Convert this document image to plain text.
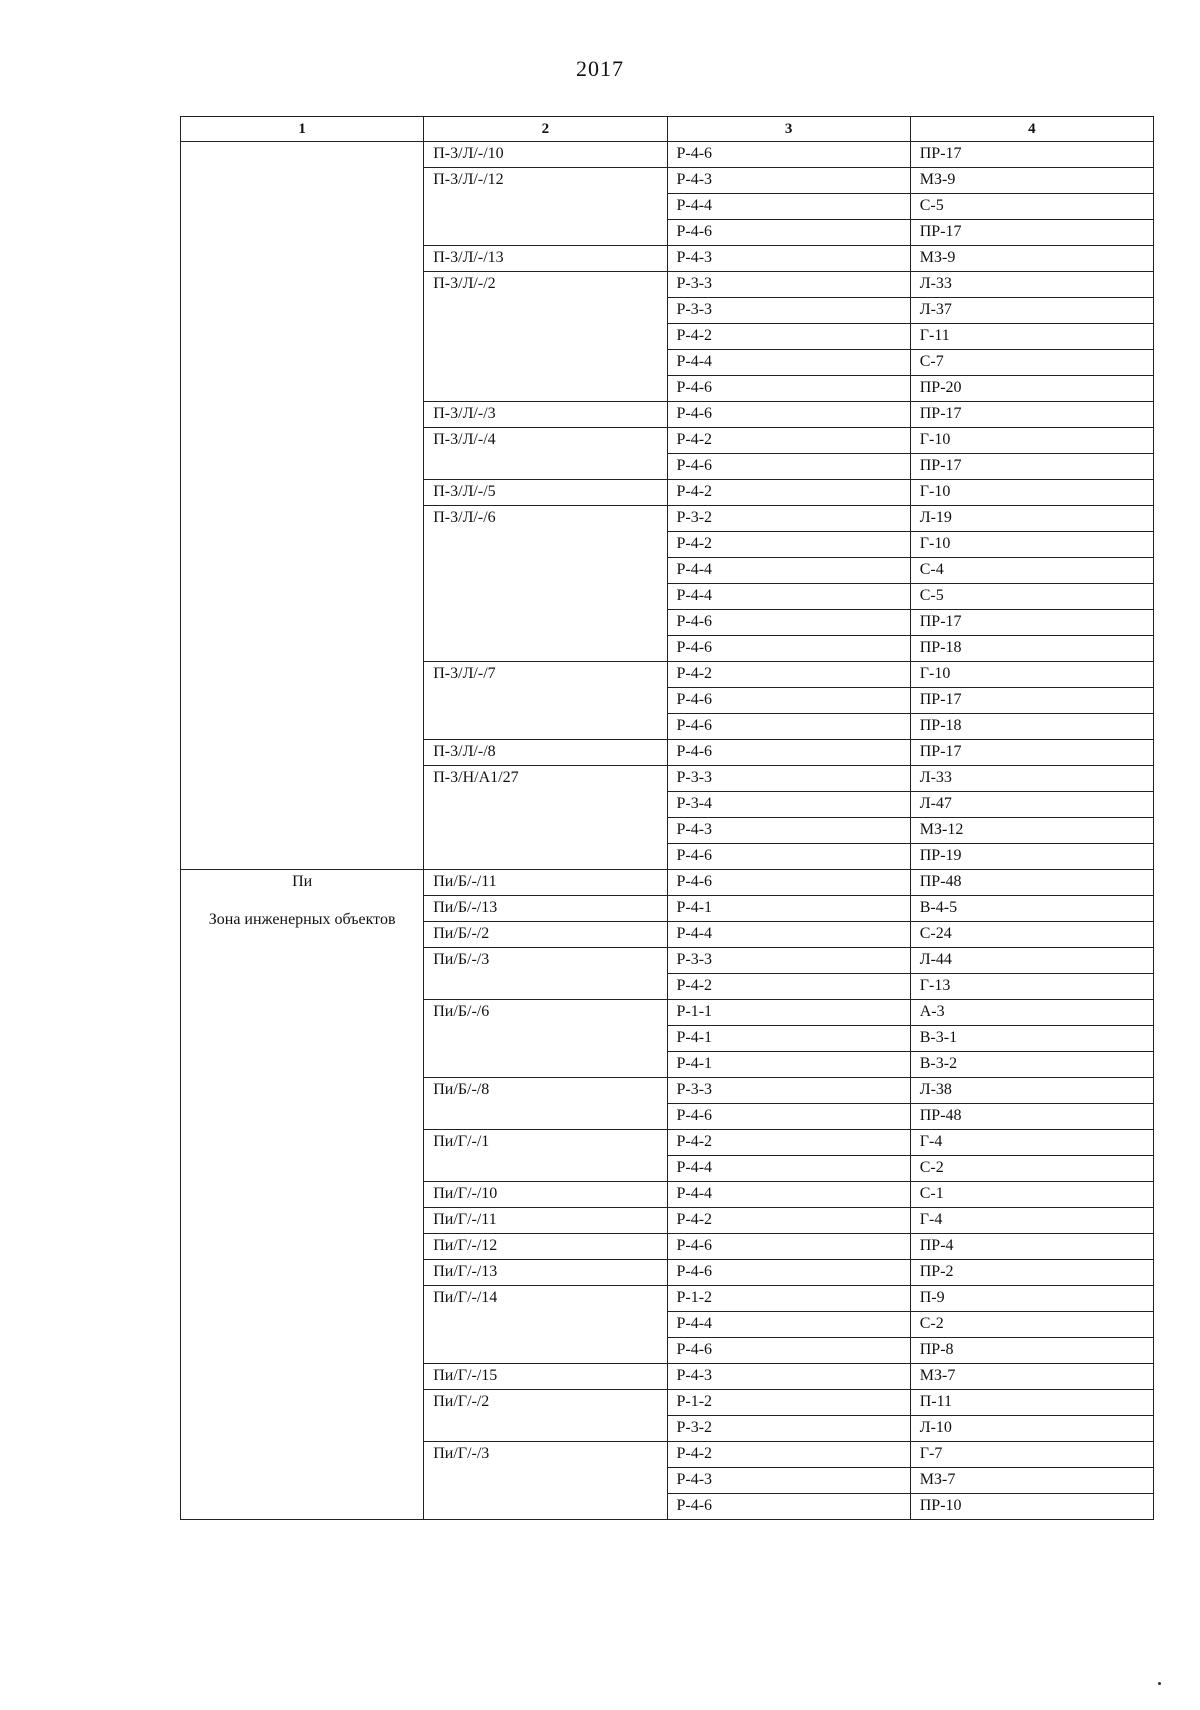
2017
1	2	3	4
	П-3/Л/-/10	Р-4-6	ПР-17
	П-3/Л/-/12	Р-4-3	МЗ-9
		Р-4-4	С-5
		Р-4-6	ПР-17
	П-3/Л/-/13	Р-4-3	МЗ-9
	П-3/Л/-/2	Р-3-3	Л-33
		Р-3-3	Л-37
		Р-4-2	Г-11
		Р-4-4	С-7
		Р-4-6	ПР-20
	П-3/Л/-/3	Р-4-6	ПР-17
	П-3/Л/-/4	Р-4-2	Г-10
		Р-4-6	ПР-17
	П-3/Л/-/5	Р-4-2	Г-10
	П-3/Л/-/6	Р-3-2	Л-19
		Р-4-2	Г-10
		Р-4-4	С-4
		Р-4-4	С-5
		Р-4-6	ПР-17
		Р-4-6	ПР-18
	П-3/Л/-/7	Р-4-2	Г-10
		Р-4-6	ПР-17
		Р-4-6	ПР-18
	П-3/Л/-/8	Р-4-6	ПР-17
	П-3/Н/А1/27	Р-3-3	Л-33
		Р-3-4	Л-47
		Р-4-3	МЗ-12
		Р-4-6	ПР-19

Пи
Зона инженерных объектов	Пи/Б/-/11	Р-4-6	ПР-48
	Пи/Б/-/13	Р-4-1	В-4-5
	Пи/Б/-/2	Р-4-4	С-24
	Пи/Б/-/3	Р-3-3	Л-44
		Р-4-2	Г-13
	Пи/Б/-/6	Р-1-1	А-3
		Р-4-1	В-3-1
		Р-4-1	В-3-2
	Пи/Б/-/8	Р-3-3	Л-38
		Р-4-6	ПР-48
	Пи/Г/-/1	Р-4-2	Г-4
		Р-4-4	С-2
	Пи/Г/-/10	Р-4-4	С-1
	Пи/Г/-/11	Р-4-2	Г-4
	Пи/Г/-/12	Р-4-6	ПР-4
	Пи/Г/-/13	Р-4-6	ПР-2
	Пи/Г/-/14	Р-1-2	П-9
		Р-4-4	С-2
		Р-4-6	ПР-8
	Пи/Г/-/15	Р-4-3	МЗ-7
	Пи/Г/-/2	Р-1-2	П-11
		Р-3-2	Л-10
	Пи/Г/-/3	Р-4-2	Г-7
		Р-4-3	МЗ-7
		Р-4-6	ПР-10
